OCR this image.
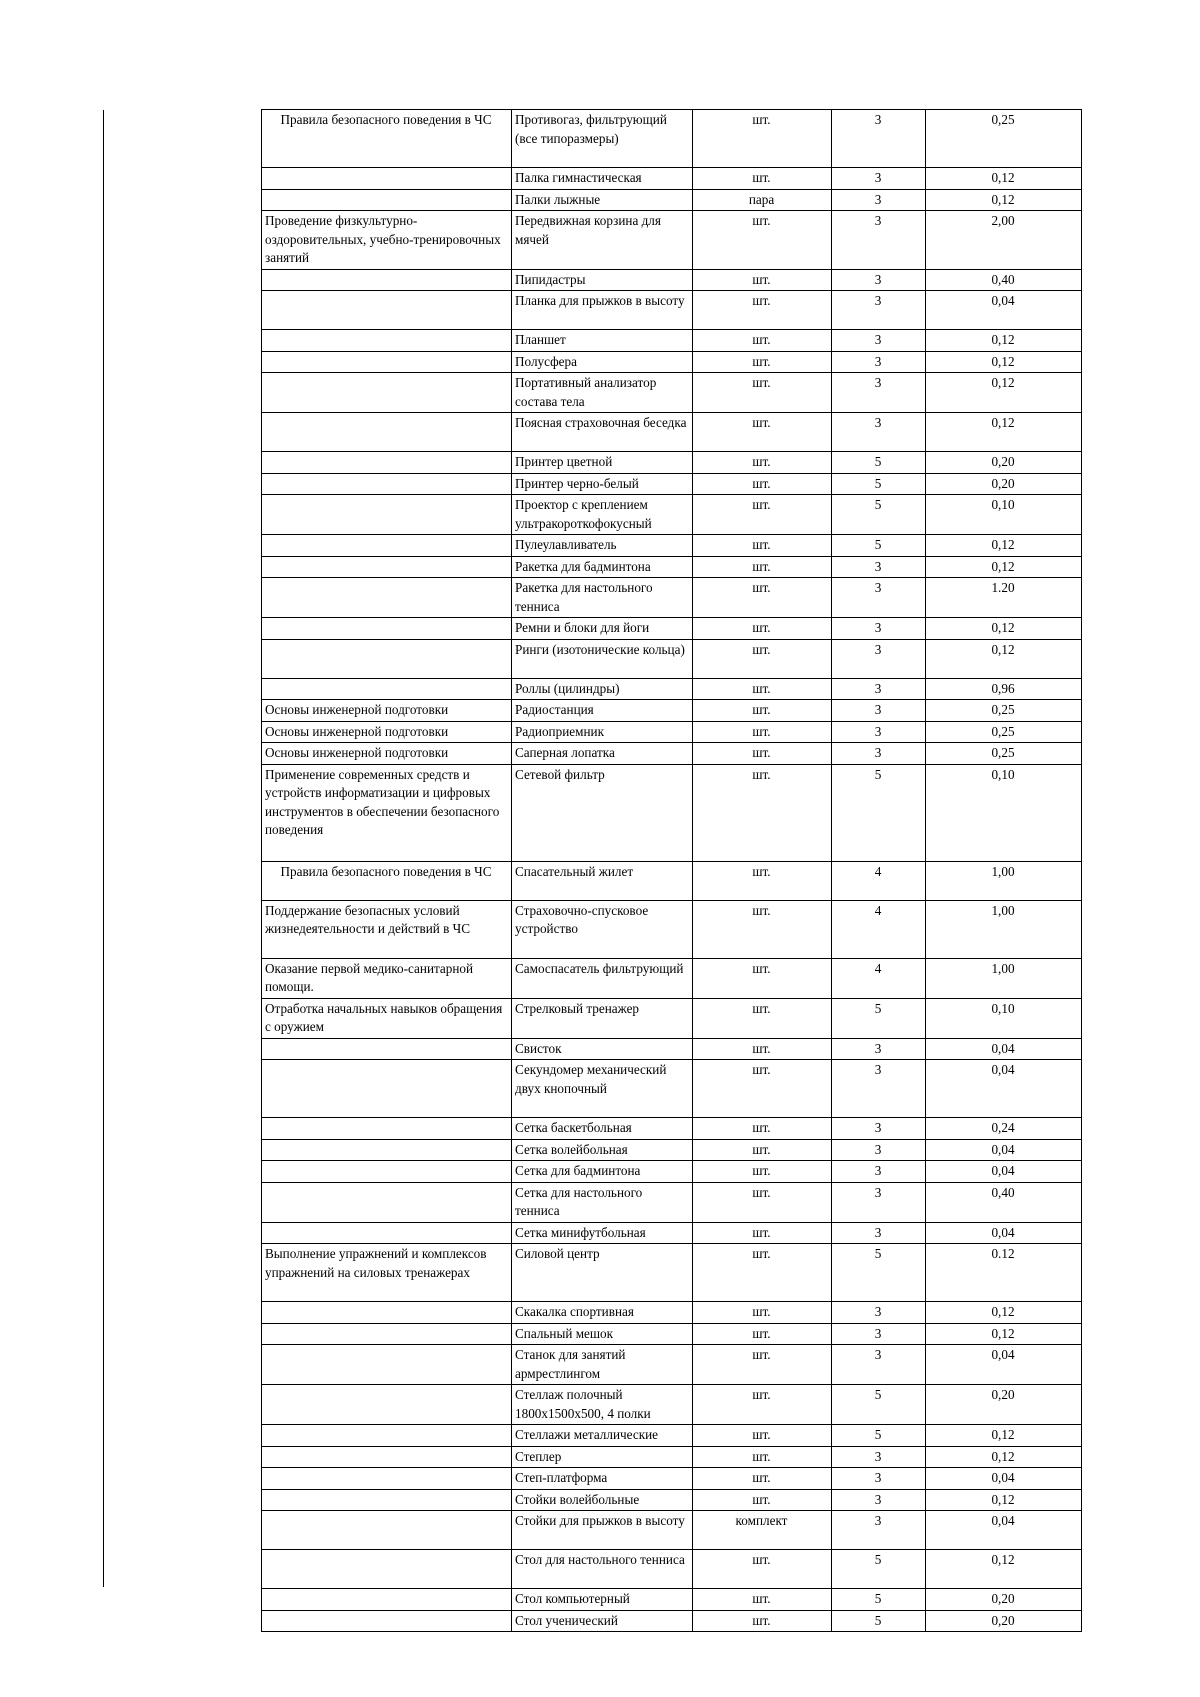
Правила безопасного поведения в ЧС	Противогаз, фильтрующий (все типоразмеры)	шт.	3	0,25
	Палка гимнастическая	шт.	3	0,12
	Палки лыжные	пара	3	0,12
Проведение физкультурно-оздоровительных, учебно-тренировочных занятий	Передвижная корзина для мячей	шт.	3	2,00
	Пипидастры	шт.	3	0,40
	Планка для прыжков в высоту	шт.	3	0,04
	Планшет	шт.	3	0,12
	Полусфера	шт.	3	0,12
	Портативный анализатор состава тела	шт.	3	0,12
	Поясная страховочная беседка	шт.	3	0,12
	Принтер цветной	шт.	5	0,20
	Принтер черно-белый	шт.	5	0,20
	Проектор с креплением ультракороткофокусный	шт.	5	0,10
	Пулеулавливатель	шт.	5	0,12
	Ракетка для бадминтона	шт.	3	0,12
	Ракетка для настольного тенниса	шт.	3	1.20
	Ремни и блоки для йоги	шт.	3	0,12
	Ринги (изотонические кольца)	шт.	3	0,12
	Роллы (цилиндры)	шт.	3	0,96
Основы инженерной подготовки	Радиостанция	шт.	3	0,25
Основы инженерной подготовки	Радиоприемник	шт.	3	0,25
Основы инженерной подготовки	Саперная лопатка	шт.	3	0,25
Применение современных средств и устройств информатизации и цифровых инструментов в обеспечении безопасного поведения	Сетевой фильтр	шт.	5	0,10
Правила безопасного поведения в ЧС	Спасательный жилет	шт.	4	1,00
Поддержание безопасных условий жизнедеятельности и действий в ЧС	Страховочно-спусковое устройство	шт.	4	1,00
Оказание первой медико-санитарной помощи.	Самоспасатель фильтрующий	шт.	4	1,00
Отработка начальных навыков обращения с оружием	Стрелковый тренажер	шт.	5	0,10
	Свисток	шт.	3	0,04
	Секундомер механический двух кнопочный	шт.	3	0,04
	Сетка баскетбольная	шт.	3	0,24
	Сетка волейбольная	шт.	3	0,04
	Сетка для бадминтона	шт.	3	0,04
	Сетка для настольного тенниса	шт.	3	0,40
	Сетка минифутбольная	шт.	3	0,04
Выполнение упражнений и комплексов упражнений на силовых тренажерах	Силовой центр	шт.	5	0.12
	Скакалка спортивная	шт.	3	0,12
	Спальный мешок	шт.	3	0,12
	Станок для занятий армрестлингом	шт.	3	0,04
	Стеллаж полочный 1800х1500х500, 4 полки	шт.	5	0,20
	Стеллажи металлические	шт.	5	0,12
	Степлер	шт.	3	0,12
	Степ-платформа	шт.	3	0,04
	Стойки волейбольные	шт.	3	0,12
	Стойки для прыжков в высоту	комплект	3	0,04
	Стол для настольного тенниса	шт.	5	0,12
	Стол компьютерный	шт.	5	0,20
	Стол ученический	шт.	5	0,20
